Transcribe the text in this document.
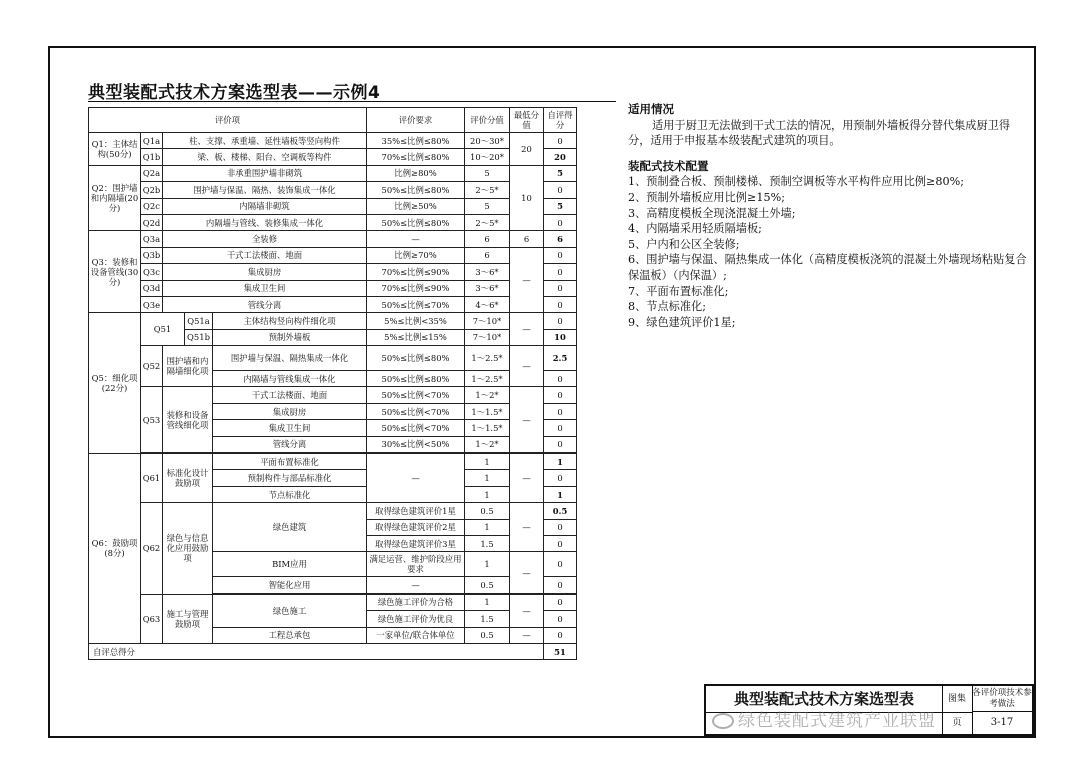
典型装配式技术方案选型表——示例4
评价项					评价要求	评价分值	最低分值	自评得分
Q1：主体结构(50分)	Q1a	柱、支撑、承重墙、延性墙板等竖向构件			35%≤比例≤80%	20～30*	20	0
	Q1b	梁、板、楼梯、阳台、空调板等构件			70%≤比例≤80%	10～20*		20
Q2：围护墙和内隔墙(20分)	Q2a	非承重围护墙非砌筑			比例≥80%	5	10	5
	Q2b	围护墙与保温、隔热、装饰集成一体化			50%≤比例≤80%	2～5*		0
	Q2c	内隔墙非砌筑			比例≥50%	5		5
	Q2d	内隔墙与管线、装修集成一体化			50%≤比例≤80%	2～5*		0
Q3：装修和设备管线(30分)	Q3a	全装修			—	6	6	6
	Q3b	干式工法楼面、地面			比例≥70%	6	—	0
	Q3c	集成厨房			70%≤比例≤90%	3～6*		0
	Q3d	集成卫生间			70%≤比例≤90%	3～6*		0
	Q3e	管线分离			50%≤比例≤70%	4～6*		0
Q5：细化项(22分)	Q51		Q51a	主体结构竖向构件细化项	5%≤比例<35%	7～10*	—	0
			Q51b	预制外墙板	5%≤比例≤15%	7～10*		10
	Q52	围护墙和内隔墙细化项		围护墙与保温、隔热集成一体化	50%≤比例≤80%	1～2.5*	—	2.5
				内隔墙与管线集成一体化	50%≤比例≤80%	1～2.5*		0
	Q53	装修和设备管线细化项		干式工法楼面、地面	50%≤比例<70%	1～2*	—	0
				集成厨房	50%≤比例<70%	1～1.5*		0
				集成卫生间	50%≤比例<70%	1～1.5*		0
				管线分离	30%≤比例<50%	1～2*		0

Q6：鼓励项(8分)	Q61	标准化设计鼓励项		平面布置标准化	—	1	—	1
				预制构件与部品标准化		1		0
				节点标准化		1		1
	Q62	绿色与信息化应用鼓励项		绿色建筑	取得绿色建筑评价1星	0.5	—	0.5
					取得绿色建筑评价2星	1		0
					取得绿色建筑评价3星	1.5		0
				BIM应用	满足运营、维护阶段应用要求	1	—	0
				智能化应用	—	0.5		0

	Q63	施工与管理鼓励项		绿色施工	绿色施工评价为合格	1	—	0
					绿色施工评价为优良	1.5		0
				工程总承包	一家单位/联合体单位	0.5	—	0
自评总得分								51
适用情况
适用于厨卫无法做到干式工法的情况，用预制外墙板得分替代集成厨卫得分，适用于申报基本级装配式建筑的项目。
装配式技术配置
1、预制叠合板、预制楼梯、预制空调板等水平构件应用比例≥80%;
2、预制外墙板应用比例≥15%;
3、高精度模板全现浇混凝土外墙;
4、内隔墙采用轻质隔墙板;
5、户内和公区全装修;
6、围护墙与保温、隔热集成一体化（高精度模板浇筑的混凝土外墙现场粘贴复合保温板）（内保温）;
7、平面布置标准化;
8、节点标准化;
9、绿色建筑评价1星;
典型装配式技术方案选型表	图集
各评价项技术参考做法
页	3-17
绿色装配式建筑产业联盟
